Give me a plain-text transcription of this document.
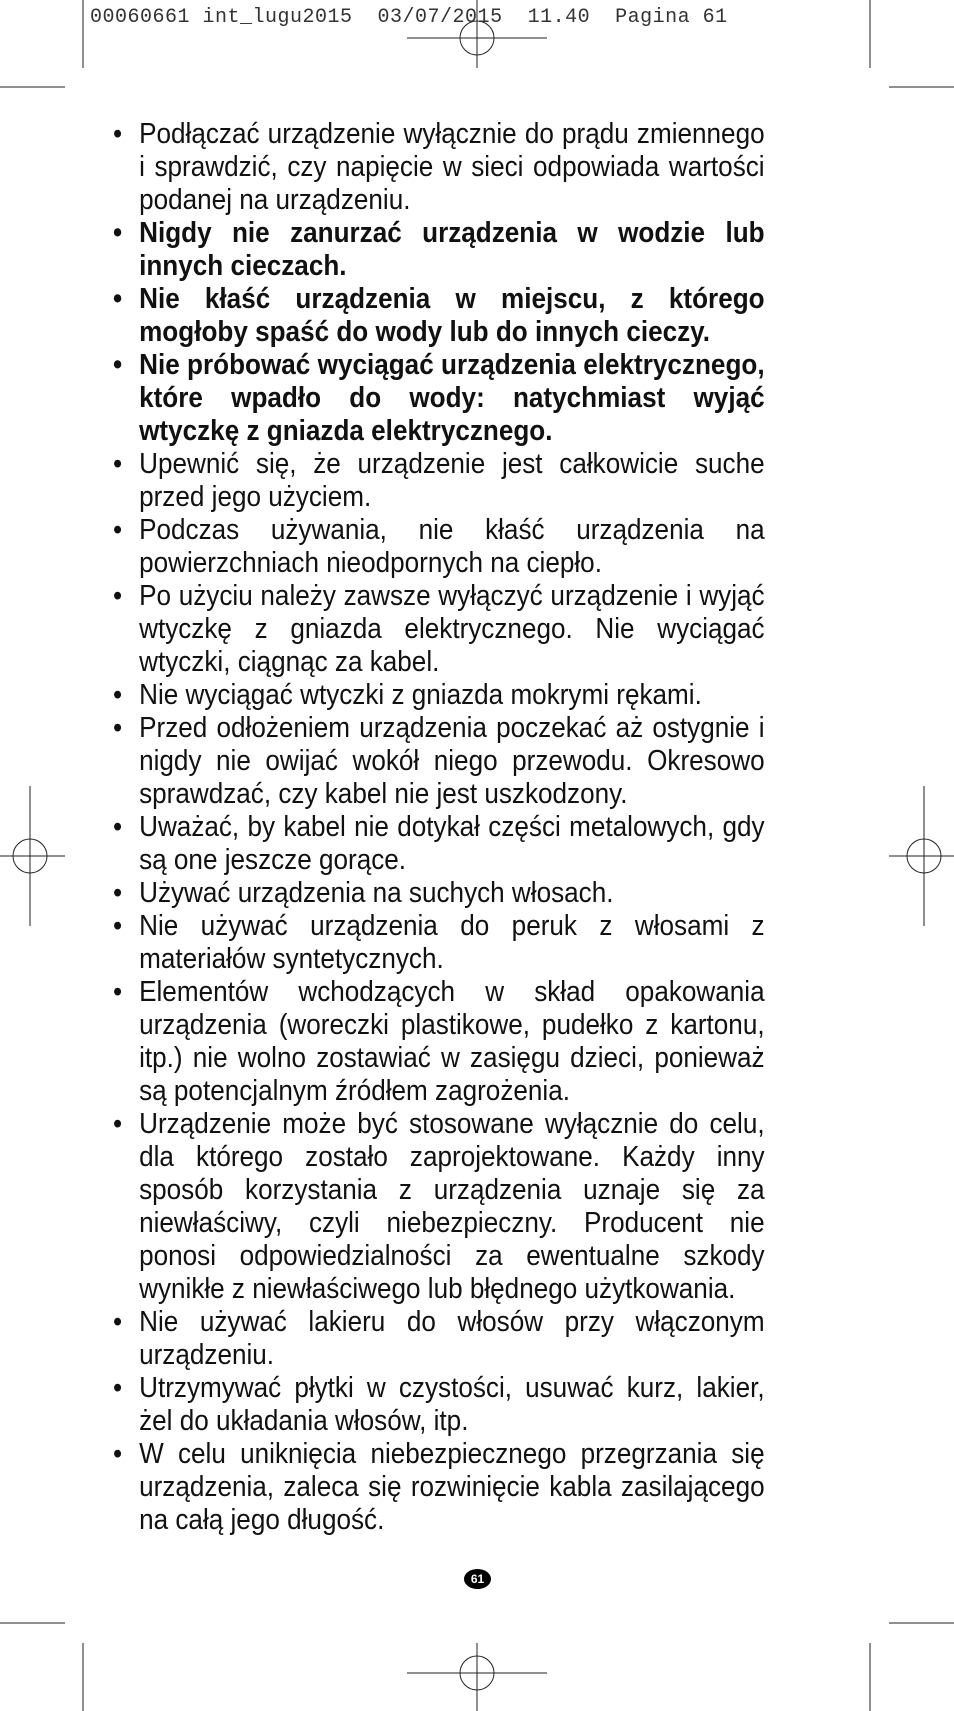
00060661 int_lugu2015  03/07/2015  11.40  Pagina 61
• Podłączać urządzenie wyłącznie do prądu zmiennego i sprawdzić, czy napięcie w sieci odpowiada wartości podanej na urządzeniu.
• Nigdy nie zanurzać urządzenia w wodzie lub innych cieczach.
• Nie kłaść urządzenia w miejscu, z którego mogłoby spaść do wody lub do innych cieczy.
• Nie próbować wyciągać urządzenia elektrycznego, które wpadło do wody: natychmiast wyjąć wtyczkę z gniazda elektrycznego.
• Upewnić się, że urządzenie jest całkowicie suche przed jego użyciem.
• Podczas używania, nie kłaść urządzenia na powierzchniach nieodpornych na ciepło.
• Po użyciu należy zawsze wyłączyć urządzenie i wyjąć wtyczkę z gniazda elektrycznego. Nie wyciągać wtyczki, ciągnąc za kabel.
• Nie wyciągać wtyczki z gniazda mokrymi rękami.
• Przed odłożeniem urządzenia poczekać aż ostygnie i nigdy nie owijać wokół niego przewodu. Okresowo sprawdzać, czy kabel nie jest uszkodzony.
• Uważać, by kabel nie dotykał części metalowych, gdy są one jeszcze gorące.
• Używać urządzenia na suchych włosach.
• Nie używać urządzenia do peruk z włosami z materiałów syntetycznych.
• Elementów wchodzących w skład opakowania urządzenia (woreczki plastikowe, pudełko z kartonu, itp.) nie wolno zostawiać w zasięgu dzieci, ponieważ są potencjalnym źródłem zagrożenia.
• Urządzenie może być stosowane wyłącznie do celu, dla którego zostało zaprojektowane. Każdy inny sposób korzystania z urządzenia uznaje się za niewłaściwy, czyli niebezpieczny. Producent nie ponosi odpowiedzialności za ewentualne szkody wynikłe z niewłaściwego lub błędnego użytkowania.
• Nie używać lakieru do włosów przy włączonym urządzeniu.
• Utrzymywać płytki w czystości, usuwać kurz, lakier, żel do układania włosów, itp.
• W celu uniknięcia niebezpiecznego przegrzania się urządzenia, zaleca się rozwinięcie kabla zasilającego na całą jego długość.
61
